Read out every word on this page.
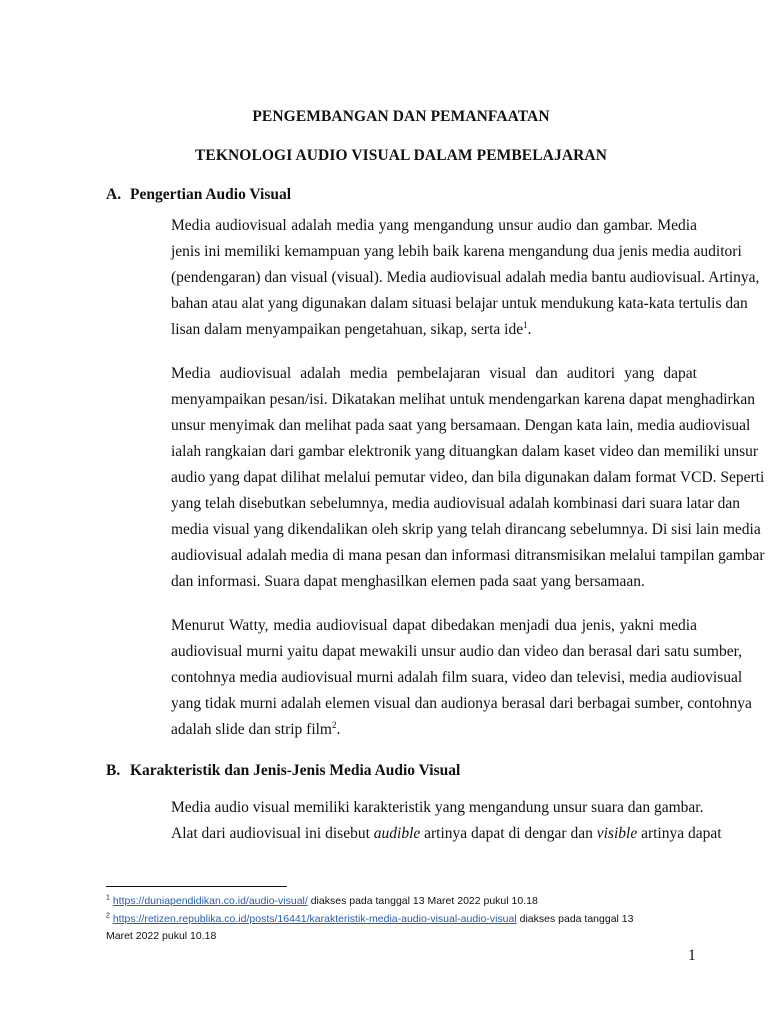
PENGEMBANGAN DAN PEMANFAATAN
TEKNOLOGI AUDIO VISUAL DALAM PEMBELAJARAN
A. Pengertian Audio Visual
Media audiovisual adalah media yang mengandung unsur audio dan gambar. Media
jenis ini memiliki kemampuan yang lebih baik karena mengandung dua jenis media auditori
(pendengaran) dan visual (visual). Media audiovisual adalah media bantu audiovisual. Artinya,
bahan atau alat yang digunakan dalam situasi belajar untuk mendukung kata-kata tertulis dan
lisan dalam menyampaikan pengetahuan, sikap, serta ide$^1$.
Media audiovisual adalah media pembelajaran visual dan auditori yang dapat
menyampaikan pesan/isi. Dikatakan melihat untuk mendengarkan karena dapat menghadirkan
unsur menyimak dan melihat pada saat yang bersamaan. Dengan kata lain, media audiovisual
ialah rangkaian dari gambar elektronik yang dituangkan dalam kaset video dan memiliki unsur
audio yang dapat dilihat melalui pemutar video, dan bila digunakan dalam format VCD. Seperti
yang telah disebutkan sebelumnya, media audiovisual adalah kombinasi dari suara latar dan
media visual yang dikendalikan oleh skrip yang telah dirancang sebelumnya. Di sisi lain media
audiovisual adalah media di mana pesan dan informasi ditransmisikan melalui tampilan gambar
dan informasi. Suara dapat menghasilkan elemen pada saat yang bersamaan.
Menurut Watty, media audiovisual dapat dibedakan menjadi dua jenis, yakni media
audiovisual murni yaitu dapat mewakili unsur audio dan video dan berasal dari satu sumber,
contohnya media audiovisual murni adalah film suara, video dan televisi, media audiovisual
yang tidak murni adalah elemen visual dan audionya berasal dari berbagai sumber, contohnya
adalah slide dan strip film$^2$.
B. Karakteristik dan Jenis-Jenis Media Audio Visual
Media audio visual memiliki karakteristik yang mengandung unsur suara dan gambar.
Alat dari audiovisual ini disebut audible artinya dapat di dengar dan visible artinya dapat
$^1$ https://duniapendidikan.co.id/audio-visual/ diakses pada tanggal 13 Maret 2022 pukul 10.18
$^2$ https://retizen.republika.co.id/posts/16441/karakteristik-media-audio-visual-audio-visual diakses pada tanggal 13
Maret 2022 pukul 10.18
1
